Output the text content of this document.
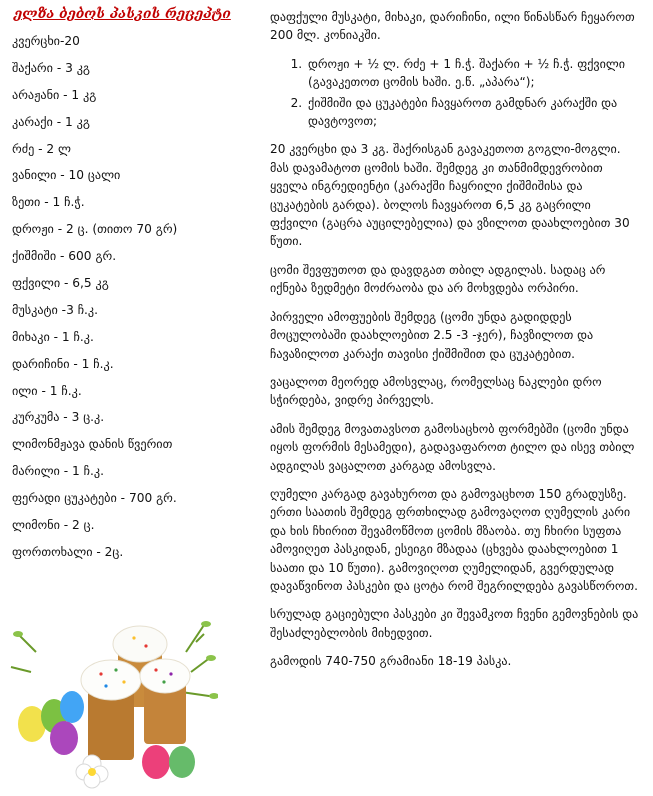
ელზა ბებოს პასკის რეცეპტი
კვერცხი-20
შაქარი - 3 კგ
არაჟანი - 1 კგ
კარაქი - 1 კგ
რძე - 2 ლ
ვანილი - 10 ცალი
ზეთი - 1 ჩ.ჭ.
დროჟი - 2 ც. (თითო 70 გრ)
ქიშმიში - 600 გრ.
ფქვილი - 6,5 კგ
მუსკატი -3 ჩ.კ.
მიხაკი - 1 ჩ.კ.
დარიჩინი - 1 ჩ.კ.
ილი - 1 ჩ.კ.
კურკუმა - 3 ც.კ.
ლიმონმჟავა დანის წვერით
მარილი - 1 ჩ.კ.
ფერადი ცუკატები - 700 გრ.
ლიმონი - 2 ც.
ფორთოხალი - 2ც.

დაფქული მუსკატი, მიხაკი, დარიჩინი, ილი წინასწარ ჩეყაროთ 200 მლ. კონიაკში.

1. დროჟი + ½ ლ. რძე + 1 ჩ.ჭ. შაქარი + ½ ჩ.ჭ. ფქვილი (გავაკეთოთ ცომის ხაში. ე.წ. „აპარა“);
2. ქიშმიში და ცუკატები ჩავყაროთ გამდნარ კარაქში და დავტოვოთ;

20 კვერცხი და 3 კგ. შაქრისგან გავაკეთოთ გოგლი-მოგლი. მას დავამატოთ ცომის ხაში. შემდეგ კი თანმიმდევრობით ყველა ინგრედიენტი (კარაქში ჩაყრილი ქიშმიშისა და ცუკატების გარდა). ბოლოს ჩავყაროთ 6,5 კგ გაცრილი ფქვილი (გაცრა აუცილებელია) და ვზილოთ დაახლოებით 30 წუთი.

ცომი შევფუთოთ და დავდგათ თბილ ადგილას. სადაც არ იქნება ზედმეტი მოძრაობა და არ მოხვდება ორპირი.

პირველი ამოფუების შემდეგ (ცომი უნდა გადიდდეს მოცულობაში დაახლოებით 2.5 -3 -ჯერ), ჩავზილოთ და ჩავაზილოთ კარაქი თავისი ქიშმიშით და ცუკატებით.

ვაცალოთ მეორედ ამოსვლაც, რომელსაც ნაკლები დრო სჭირდება, ვიდრე პირველს.

ამის შემდეგ მოვათავსოთ გამოსაცხობ ფორმებში (ცომი უნდა იყოს ფორმის მესამედი), გადავაფაროთ ტილო და ისევ თბილ ადგილას ვაცალოთ კარგად ამოსვლა.

ღუმელი კარგად გავახუროთ და გამოვაცხოთ 150 გრადუსზე. ერთი საათის შემდეგ ფრთხილად გამოვაღოთ ღუმელის კარი და ხის ჩხირით შევამოწმოთ ცომის მზაობა. თუ ჩხირი სუფთა ამოვიღეთ პასკიდან, ესეიგი მზადაა (ცხვება დაახლოებით 1 საათი და 10 წუთი). გამოვიღოთ ღუმელიდან, გვერდულად დავაწვინოთ პასკები და ცოტა რომ შეგრილდება გავასწოროთ.

სრულად გაციებული პასკები კი შევამკოთ ჩვენი გემოვნების და შესაძლებლობის მიხედვით.

გამოდის 740-750 გრამიანი 18-19 პასკა.
